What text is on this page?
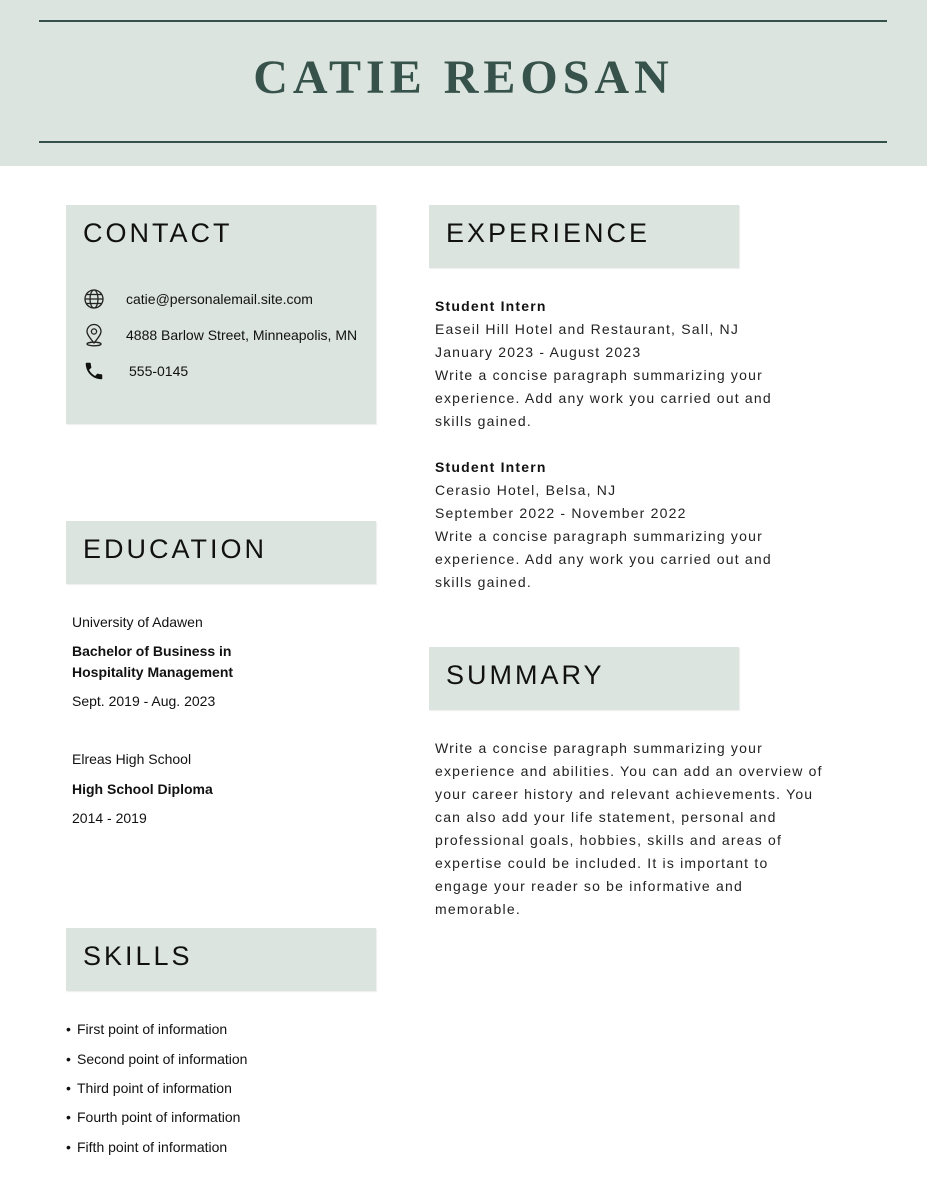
CATIE REOSAN
CONTACT
catie@personalemail.site.com
4888 Barlow Street, Minneapolis, MN
555-0145
EDUCATION
University of Adawen
Bachelor of Business in
Hospitality Management
Sept. 2019 - Aug. 2023
Elreas High School
High School Diploma
2014 - 2019
SKILLS
• First point of information
• Second point of information
• Third point of information
• Fourth point of information
• Fifth point of information
EXPERIENCE
Student Intern
Easeil Hill Hotel and Restaurant, Sall, NJ
January 2023 - August 2023
Write a concise paragraph summarizing your
experience. Add any work you carried out and
skills gained.
Student Intern
Cerasio Hotel, Belsa, NJ
September 2022 - November 2022
Write a concise paragraph summarizing your
experience. Add any work you carried out and
skills gained.
SUMMARY
Write a concise paragraph summarizing your
experience and abilities. You can add an overview of
your career history and relevant achievements. You
can also add your life statement, personal and
professional goals, hobbies, skills and areas of
expertise could be included. It is important to
engage your reader so be informative and
memorable.
